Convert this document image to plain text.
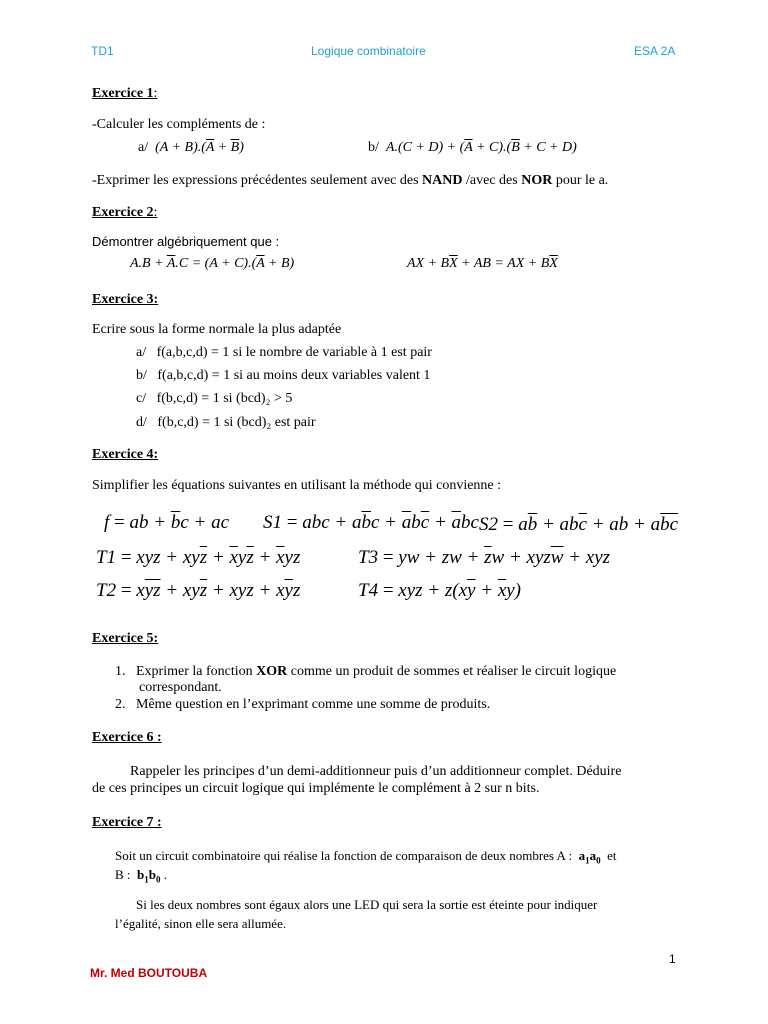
TD1	Logique combinatoire	ESA 2A
Exercice 1:
-Calculer les compléments de :
a/  $(A + B).(\overline{A} + \overline{B})$	b/  $A.(C + D) + (\overline{A} + C).(\overline{B} + C + D)$
-Exprimer les expressions précédentes seulement avec des NAND /avec des NOR pour le a.
Exercice 2:
Démontrer algébriquement que :
$A.B + \overline{A}.C = (A + C).(\overline{A} + B)$	AX + $B\overline{X}$ + AB = AX + $B\overline{X}$
Exercice 3:
Ecrire sous la forme normale la plus adaptée
a/ f(a,b,c,d) = 1 si le nombre de variable à 1 est pair
b/ f(a,b,c,d) = 1 si au moins deux variables valent 1
c/ f(b,c,d) = 1 si (bcd)₂ > 5
d/ f(b,c,d) = 1 si (bcd)₂ est pair
Exercice 4:
Simplifier les équations suivantes en utilisant la méthode qui convienne :
f = ab + $\overline{b}c$ + ac S1 = abc + $a\overline{b}c + \overline{a}b\overline{c} + \overline{a}bc$ $S2 = a\overline{b} + ab\overline{c}$ + ab + $a\overline{bc}$
T1 = xyz + $xy\overline{z} + \overline{x}y\overline{z} + \overline{x}yz$	T3 = yw + zw + $\overline{z}w + xyz\overline{w}$ + xyz
$T2 = x\overline{y}\overline{z} + xy\overline{z}$ + xyz + $x\overline{y}z$	T4 = xyz + $z(x\overline{y} + \overline{x}y)$
Exercice 5:
1.   Exprimer la fonction XOR comme un produit de sommes et réaliser le circuit logique
correspondant.
2.   Même question en l’exprimant comme une somme de produits.
Exercice 6 :
Rappeler les principes d’un demi-additionneur puis d’un additionneur complet. Déduire
de ces principes un circuit logique qui implémente le complément à 2 sur n bits.
Exercice 7 :
Soit un circuit combinatoire qui réalise la fonction de comparaison de deux nombres A : $a_1a_0$ et
B : $b_1b_0$ .
Si les deux nombres sont égaux alors une LED qui sera la sortie est éteinte pour indiquer
l’égalité, sinon elle sera allumée.
1
Mr. Med BOUTOUBA
